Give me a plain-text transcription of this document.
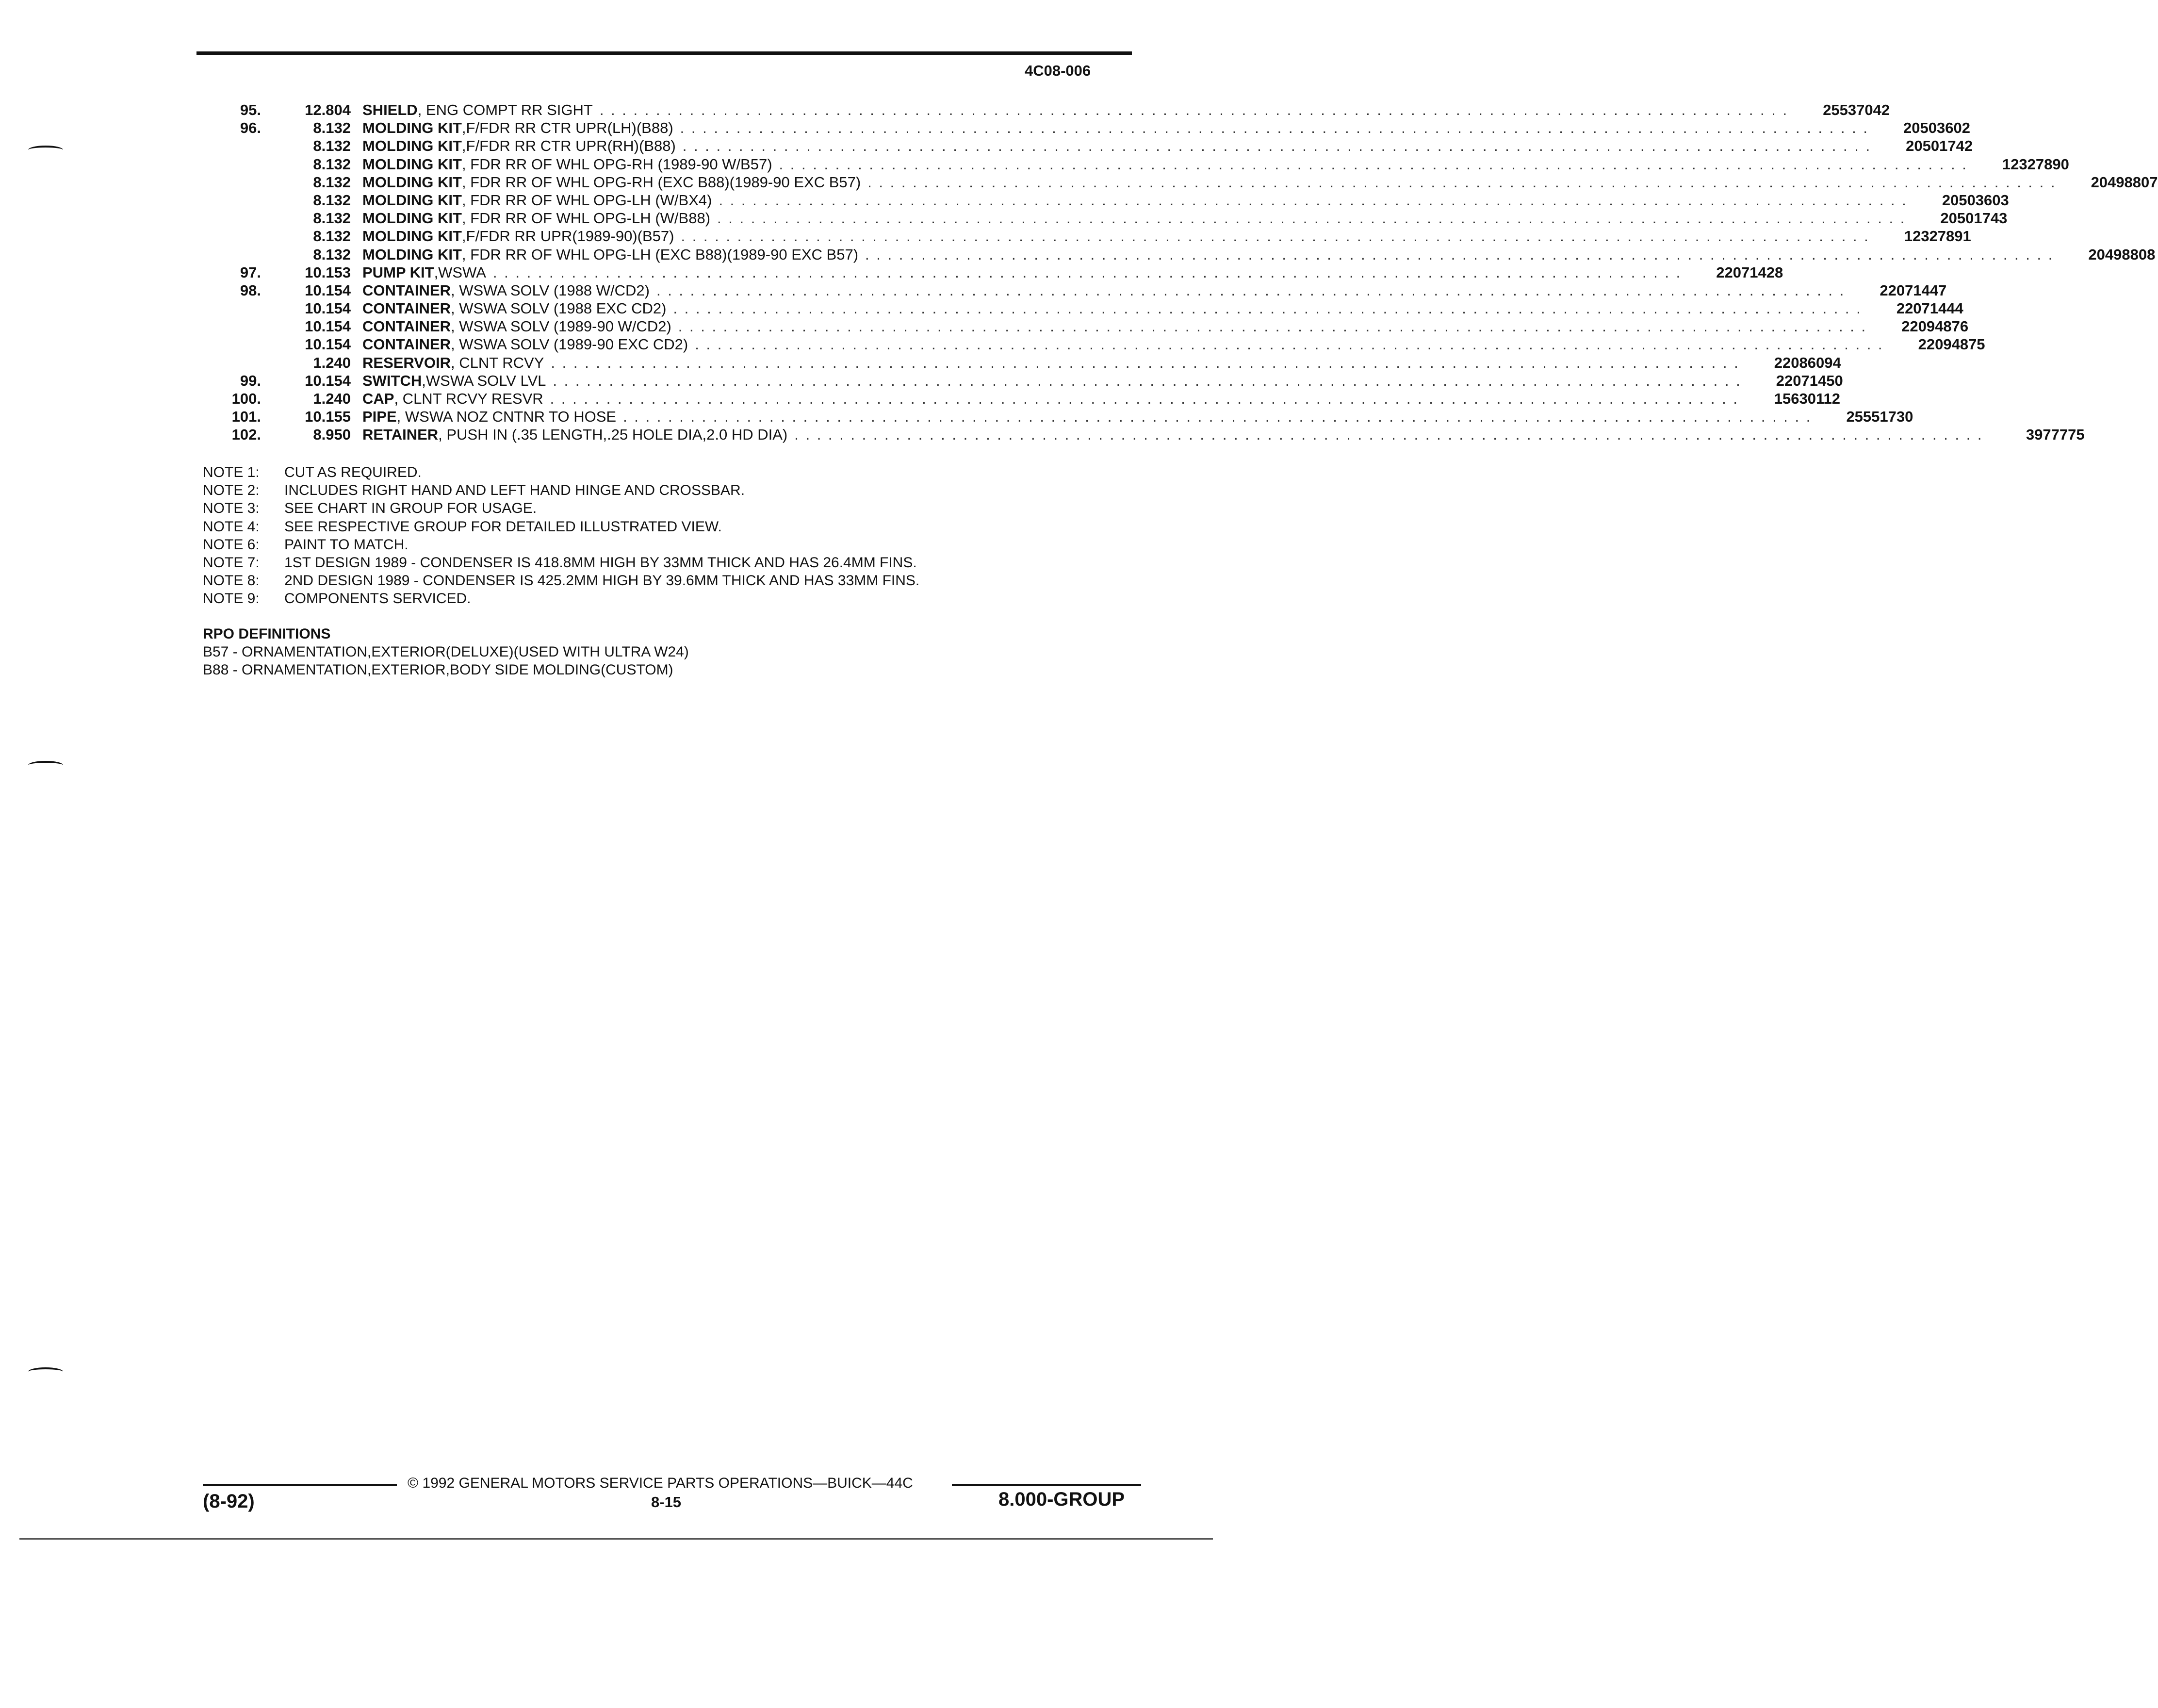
4C08-006
95.	12.804 SHIELD , ENG COMPT RR SIGHT . . . . . . . . . . . . . . . . . . . . . . . . . . . . . . . . . . . . . . . . . . . . . . . . . . . . . . . . . . . . . . . . . . . . . . . . . . . . . . . . . . . . . . . . . . . . . . . . . . . . . . . . . .	25537042
96.	8.132 MOLDING KIT ,F/FDR RR CTR UPR(LH)(B88) . . . . . . . . . . . . . . . . . . . . . . . . . . . . . . . . . . . . . . . . . . . . . . . . . . . . . . . . . . . . . . . . . . . . . . . . . . . . . . . . . . . . . . . . . . . . . . . . . . . . . . . . . .	20503602
8.132 MOLDING KIT ,F/FDR RR CTR UPR(RH)(B88) . . . . . . . . . . . . . . . . . . . . . . . . . . . . . . . . . . . . . . . . . . . . . . . . . . . . . . . . . . . . . . . . . . . . . . . . . . . . . . . . . . . . . . . . . . . . . . . . . . . . . . . . . .	20501742
8.132 MOLDING KIT , FDR RR OF WHL OPG-RH (1989-90 W/B57) . . . . . . . . . . . . . . . . . . . . . . . . . . . . . . . . . . . . . . . . . . . . . . . . . . . . . . . . . . . . . . . . . . . . . . . . . . . . . . . . . . . . . . . . . . . . . . . . . . . . . . . . . .	12327890
8.132 MOLDING KIT , FDR RR OF WHL OPG-RH (EXC B88)(1989-90 EXC B57) . . . . . . . . . . . . . . . . . . . . . . . . . . . . . . . . . . . . . . . . . . . . . . . . . . . . . . . . . . . . . . . . . . . . . . . . . . . . . . . . . . . . . . . . . . . . . . . . . . . . . . . . . .	20498807
8.132 MOLDING KIT , FDR RR OF WHL OPG-LH (W/BX4) . . . . . . . . . . . . . . . . . . . . . . . . . . . . . . . . . . . . . . . . . . . . . . . . . . . . . . . . . . . . . . . . . . . . . . . . . . . . . . . . . . . . . . . . . . . . . . . . . . . . . . . . . .	20503603
8.132 MOLDING KIT , FDR RR OF WHL OPG-LH (W/B88) . . . . . . . . . . . . . . . . . . . . . . . . . . . . . . . . . . . . . . . . . . . . . . . . . . . . . . . . . . . . . . . . . . . . . . . . . . . . . . . . . . . . . . . . . . . . . . . . . . . . . . . . . .	20501743
8.132 MOLDING KIT ,F/FDR RR UPR(1989-90)(B57) . . . . . . . . . . . . . . . . . . . . . . . . . . . . . . . . . . . . . . . . . . . . . . . . . . . . . . . . . . . . . . . . . . . . . . . . . . . . . . . . . . . . . . . . . . . . . . . . . . . . . . . . . .	12327891
8.132 MOLDING KIT , FDR RR OF WHL OPG-LH (EXC B88)(1989-90 EXC B57) . . . . . . . . . . . . . . . . . . . . . . . . . . . . . . . . . . . . . . . . . . . . . . . . . . . . . . . . . . . . . . . . . . . . . . . . . . . . . . . . . . . . . . . . . . . . . . . . . . . . . . . . . .	20498808
97.	10.153 PUMP KIT ,WSWA . . . . . . . . . . . . . . . . . . . . . . . . . . . . . . . . . . . . . . . . . . . . . . . . . . . . . . . . . . . . . . . . . . . . . . . . . . . . . . . . . . . . . . . . . . . . . . . . . . . . . . . . . .	22071428
98.	10.154 CONTAINER , WSWA SOLV (1988 W/CD2) . . . . . . . . . . . . . . . . . . . . . . . . . . . . . . . . . . . . . . . . . . . . . . . . . . . . . . . . . . . . . . . . . . . . . . . . . . . . . . . . . . . . . . . . . . . . . . . . . . . . . . . . . .	22071447
10.154 CONTAINER , WSWA SOLV (1988 EXC CD2) . . . . . . . . . . . . . . . . . . . . . . . . . . . . . . . . . . . . . . . . . . . . . . . . . . . . . . . . . . . . . . . . . . . . . . . . . . . . . . . . . . . . . . . . . . . . . . . . . . . . . . . . . .	22071444
10.154 CONTAINER , WSWA SOLV (1989-90 W/CD2) . . . . . . . . . . . . . . . . . . . . . . . . . . . . . . . . . . . . . . . . . . . . . . . . . . . . . . . . . . . . . . . . . . . . . . . . . . . . . . . . . . . . . . . . . . . . . . . . . . . . . . . . . .	22094876
10.154 CONTAINER , WSWA SOLV (1989-90 EXC CD2) . . . . . . . . . . . . . . . . . . . . . . . . . . . . . . . . . . . . . . . . . . . . . . . . . . . . . . . . . . . . . . . . . . . . . . . . . . . . . . . . . . . . . . . . . . . . . . . . . . . . . . . . . .	22094875
1.240 RESERVOIR , CLNT RCVY . . . . . . . . . . . . . . . . . . . . . . . . . . . . . . . . . . . . . . . . . . . . . . . . . . . . . . . . . . . . . . . . . . . . . . . . . . . . . . . . . . . . . . . . . . . . . . . . . . . . . . . . . .	22086094
99.	10.154 SWITCH ,WSWA SOLV LVL . . . . . . . . . . . . . . . . . . . . . . . . . . . . . . . . . . . . . . . . . . . . . . . . . . . . . . . . . . . . . . . . . . . . . . . . . . . . . . . . . . . . . . . . . . . . . . . . . . . . . . . . . .	22071450
100.	1.240 CAP , CLNT RCVY RESVR . . . . . . . . . . . . . . . . . . . . . . . . . . . . . . . . . . . . . . . . . . . . . . . . . . . . . . . . . . . . . . . . . . . . . . . . . . . . . . . . . . . . . . . . . . . . . . . . . . . . . . . . . .	15630112
101.	10.155 PIPE , WSWA NOZ CNTNR TO HOSE . . . . . . . . . . . . . . . . . . . . . . . . . . . . . . . . . . . . . . . . . . . . . . . . . . . . . . . . . . . . . . . . . . . . . . . . . . . . . . . . . . . . . . . . . . . . . . . . . . . . . . . . . .	25551730
102.	8.950 RETAINER , PUSH IN (.35 LENGTH,.25 HOLE DIA,2.0 HD DIA) . . . . . . . . . . . . . . . . . . . . . . . . . . . . . . . . . . . . . . . . . . . . . . . . . . . . . . . . . . . . . . . . . . . . . . . . . . . . . . . . . . . . . . . . . . . . . . . . . . . . . . . . . .	3977775
NOTE 1:	CUT AS REQUIRED.
NOTE 2:	INCLUDES RIGHT HAND AND LEFT HAND HINGE AND CROSSBAR.
NOTE 3:	SEE CHART IN GROUP FOR USAGE.
NOTE 4:	SEE RESPECTIVE GROUP FOR DETAILED ILLUSTRATED VIEW.
NOTE 6:	PAINT TO MATCH.
NOTE 7:	1ST DESIGN 1989 - CONDENSER IS 418.8MM HIGH BY 33MM THICK AND HAS 26.4MM FINS.
NOTE 8:	2ND DESIGN 1989 - CONDENSER IS 425.2MM HIGH BY 39.6MM THICK AND HAS 33MM FINS.
NOTE 9:	COMPONENTS SERVICED.
RPO DEFINITIONS
B57 - ORNAMENTATION,EXTERIOR(DELUXE)(USED WITH ULTRA W24)
B88 - ORNAMENTATION,EXTERIOR,BODY SIDE MOLDING(CUSTOM)
© 1992 GENERAL MOTORS SERVICE PARTS OPERATIONS—BUICK—44C
(8-92)	8-15	8.000-GROUP
